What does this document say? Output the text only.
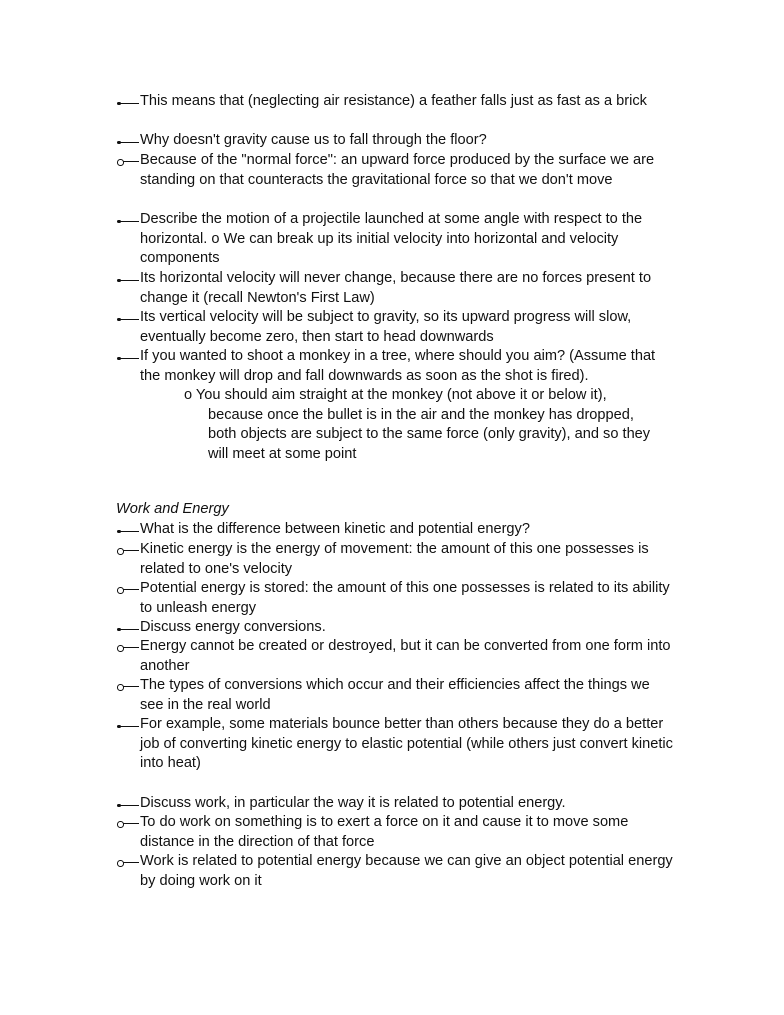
This means that (neglecting air resistance) a feather falls just as fast as a brick
Why doesn't gravity cause us to fall through the floor?
Because of the "normal force": an upward force produced by the surface we are standing on that counteracts the gravitational force so that we don't move
Describe the motion of a projectile launched at some angle with respect to the horizontal. o We can break up its initial velocity into horizontal and velocity components
Its horizontal velocity will never change, because there are no forces present to change it (recall Newton's First Law)
Its vertical velocity will be subject to gravity, so its upward progress will slow, eventually become zero, then start to head downwards
If you wanted to shoot a monkey in a tree, where should you aim? (Assume that the monkey will drop and fall downwards as soon as the shot is fired).
o You should aim straight at the monkey (not above it or below it),
because once the bullet is in the air and the monkey has dropped, both objects are subject to the same force (only gravity), and so they will meet at some point
Work and Energy
What is the difference between kinetic and potential energy?
Kinetic energy is the energy of movement: the amount of this one possesses is related to one's velocity
Potential energy is stored: the amount of this one possesses is related to its ability to unleash energy
Discuss energy conversions.
Energy cannot be created or destroyed, but it can be converted from one form into another
The types of conversions which occur and their efficiencies affect the things we see in the real world
For example, some materials bounce better than others because they do a better job of converting kinetic energy to elastic potential (while others just convert kinetic into heat)
Discuss work, in particular the way it is related to potential energy.
To do work on something is to exert a force on it and cause it to move some distance in the direction of that force
Work is related to potential energy because we can give an object potential energy by doing work on it
